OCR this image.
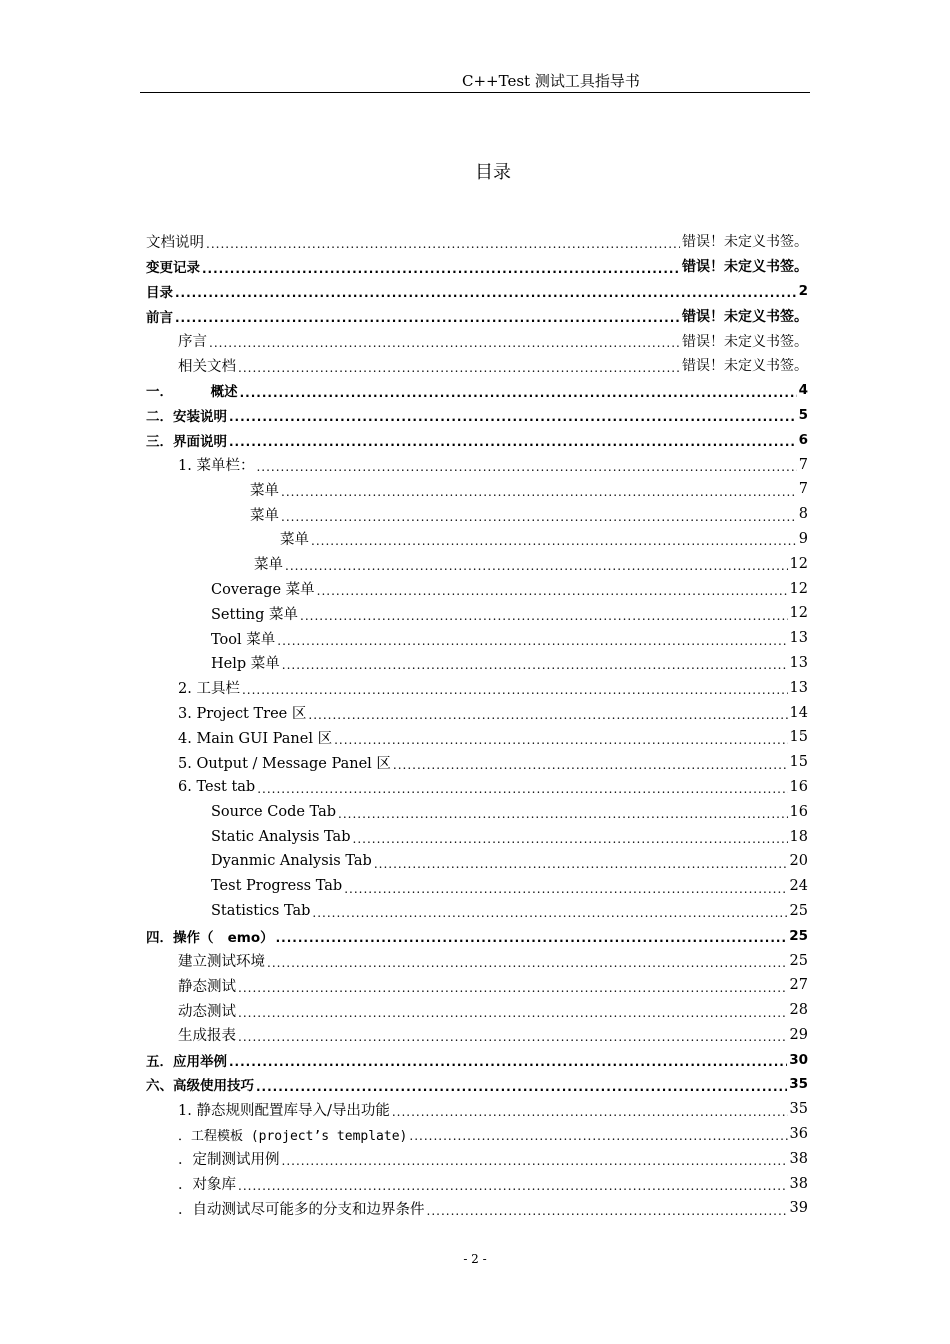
C++Test 测试工具指导书
目录
文档说明 .....	错误！未定义书签。
变更记录 .....	错误！未定义书签。
目录 .....	2
前言 .....	错误！未定义书签。
序言 .....	错误！未定义书签。
相关文档 .....	错误！未定义书签。
一．        概述 .....	4
二．安装说明 .....	5
三．界面说明 .....	6
1. 菜单栏： .....	7
菜单 .....	7
菜单 .....	8
菜单 .....	9
菜单 .....	12
Coverage 菜单 .....	12
Setting 菜单 .....	12
Tool 菜单 .....	13
Help 菜单 .....	13
2. 工具栏 .....	13
3. Project Tree 区 .....	14
4. Main GUI Panel 区 .....	15
5. Output / Message Panel 区 .....	15
6. Test tab .....	16
Source Code Tab .....	16
Static Analysis Tab .....	18
Dyanmic Analysis Tab .....	20
Test Progress Tab .....	24
Statistics Tab .....	25
四．操作（   emo） .....	25
建立测试环境 .....	25
静态测试 .....	27
动态测试 .....	28
生成报表 .....	29
五．应用举例 .....	30
六、高级使用技巧 .....	35
1. 静态规则配置库导入/导出功能 .....	35
．工程模板 (project’s template) .....	36
．定制测试用例 .....	38
．对象库 .....	38
．自动测试尽可能多的分支和边界条件 .....	39
- 2 -
